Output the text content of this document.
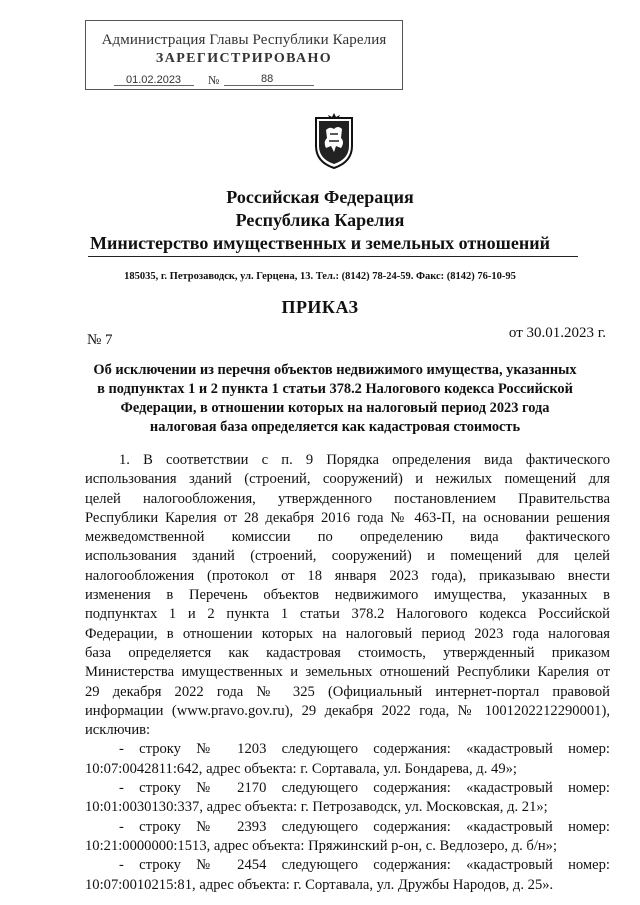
Администрация Главы Республики Карелия
ЗАРЕГИСТРИРОВАНО
01.02.2023 №	88
Российская Федерация
Республика Карелия
Министерство имущественных и земельных отношений
185035, г. Петрозаводск, ул. Герцена, 13. Тел.: (8142) 78-24-59. Факс: (8142) 76-10-95
ПРИКАЗ
№ 7	от 30.01.2023 г.
Об исключении из перечня объектов недвижимого имущества, указанных
в подпунктах 1 и 2 пункта 1 статьи 378.2 Налогового кодекса Российской
Федерации, в отношении которых на налоговый период 2023 года
налоговая база определяется как кадастровая стоимость
1. В соответствии с п. 9 Порядка определения вида фактического
использования зданий (строений, сооружений) и нежилых помещений для
целей налогообложения, утвержденного постановлением Правительства
Республики Карелия от 28 декабря 2016 года № 463-П, на основании решения
межведомственной комиссии по определению вида фактического
использования зданий (строений, сооружений) и помещений для целей
налогообложения (протокол от 18 января 2023 года), приказываю внести
изменения в Перечень объектов недвижимого имущества, указанных в
подпунктах 1 и 2 пункта 1 статьи 378.2 Налогового кодекса Российской
Федерации, в отношении которых на налоговый период 2023 года налоговая
база определяется как кадастровая стоимость, утвержденный приказом
Министерства имущественных и земельных отношений Республики Карелия от
29 декабря 2022 года № 325 (Официальный интернет-портал правовой
информации (www.pravo.gov.ru), 29 декабря 2022 года, № 1001202212290001),
исключив:
- строку № 1203 следующего содержания: «кадастровый номер:
10:07:0042811:642, адрес объекта: г. Сортавала, ул. Бондарева, д. 49»;
- строку № 2170 следующего содержания: «кадастровый номер:
10:01:0030130:337, адрес объекта: г. Петрозаводск, ул. Московская, д. 21»;
- строку № 2393 следующего содержания: «кадастровый номер:
10:21:0000000:1513, адрес объекта: Пряжинский р-он, с. Ведлозеро, д. б/н»;
- строку № 2454 следующего содержания: «кадастровый номер:
10:07:0010215:81, адрес объекта: г. Сортавала, ул. Дружбы Народов, д. 25».
